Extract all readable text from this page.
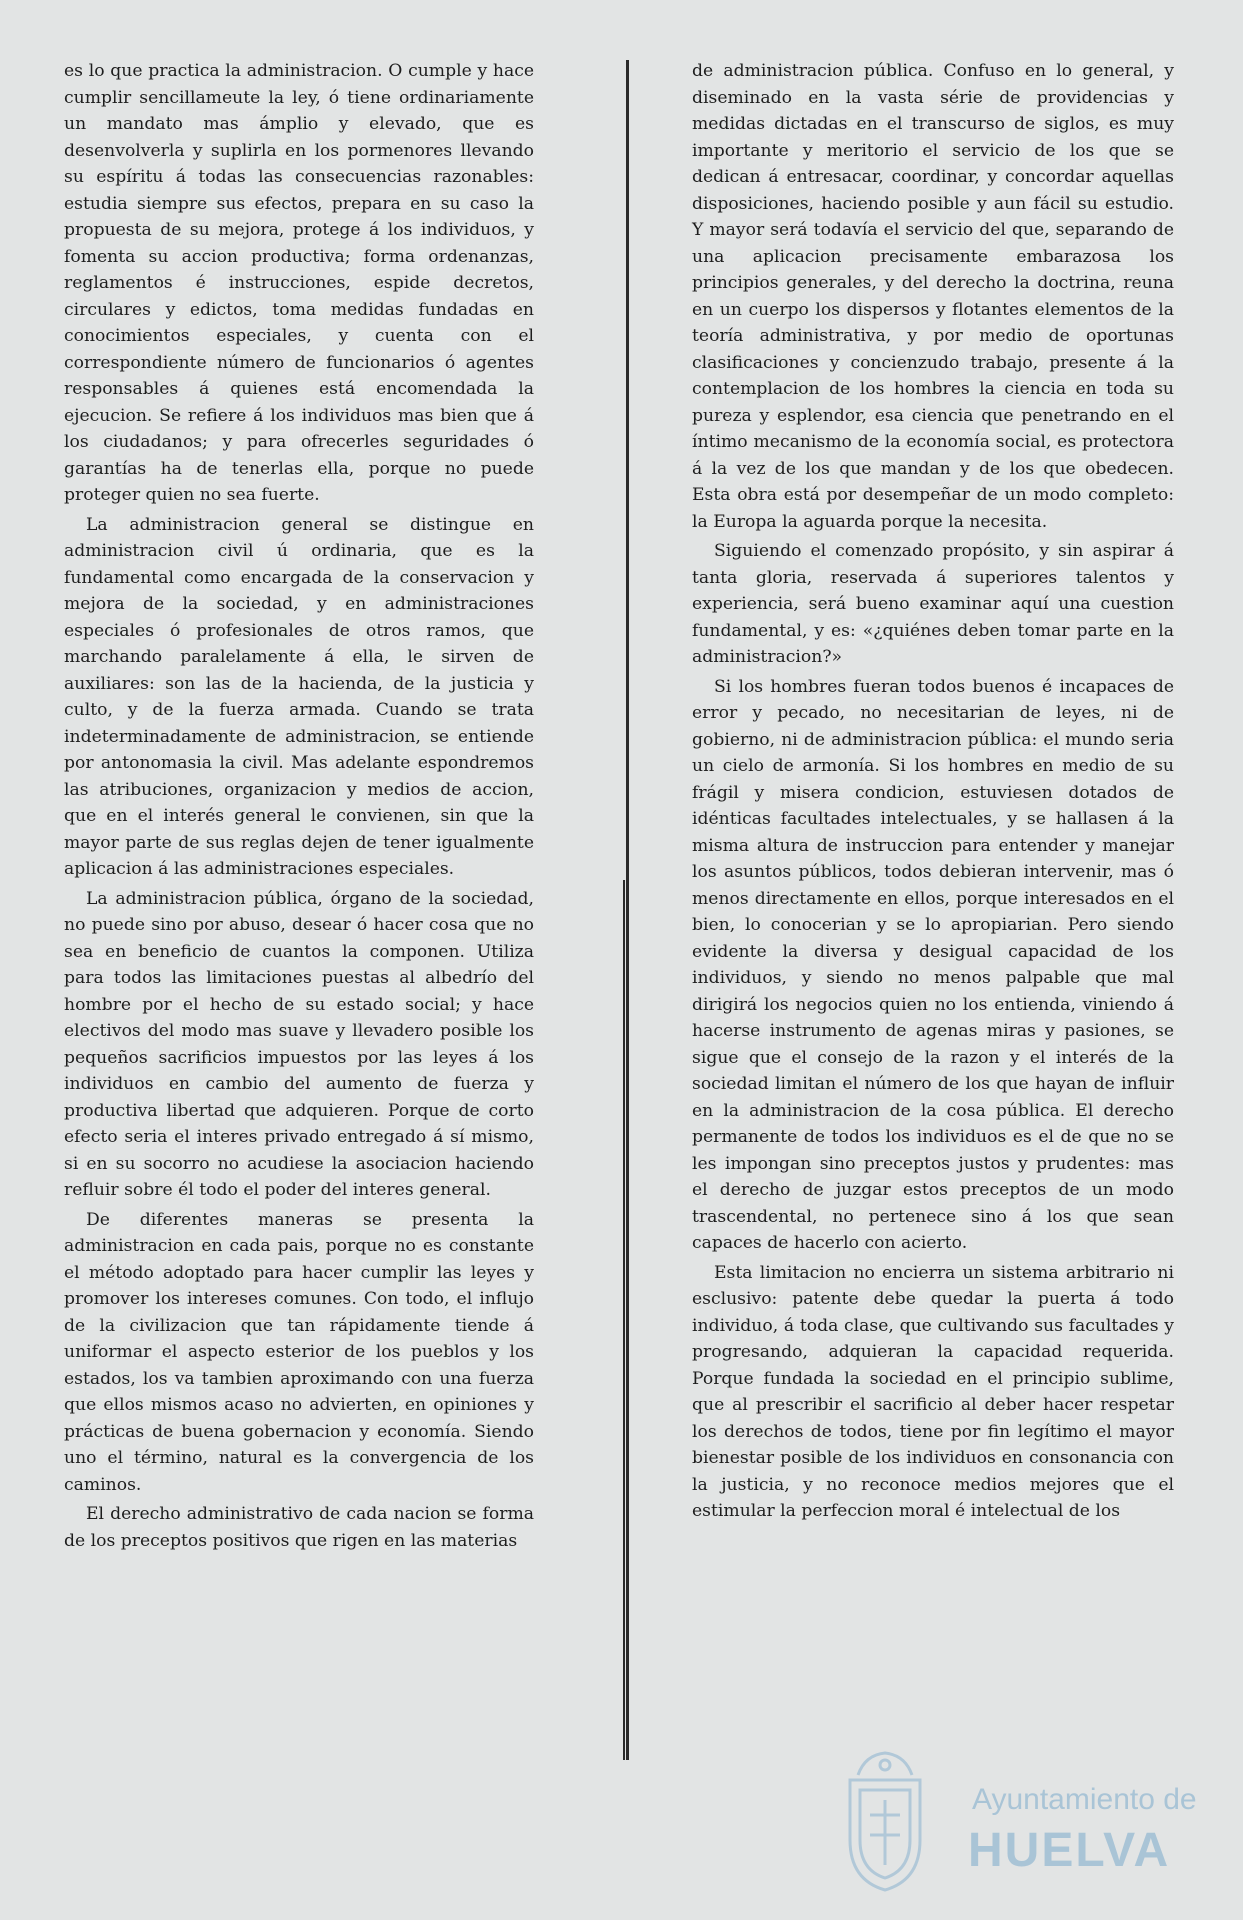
es lo que practica la administracion. O cumple y hace cumplir sencillameute la ley, ó tiene ordinariamente un mandato mas ámplio y elevado, que es desenvolverla y suplirla en los pormenores llevando su espíritu á todas las consecuencias razonables: estudia siempre sus efectos, prepara en su caso la propuesta de su mejora, protege á los individuos, y fomenta su accion productiva; forma ordenanzas, reglamentos é instrucciones, espide decretos, circulares y edictos, toma medidas fundadas en conocimientos especiales, y cuenta con el correspondiente número de funcionarios ó agentes responsables á quienes está encomendada la ejecucion. Se refiere á los individuos mas bien que á los ciudadanos; y para ofrecerles seguridades ó garantías ha de tenerlas ella, porque no puede proteger quien no sea fuerte.

La administracion general se distingue en administracion civil ú ordinaria, que es la fundamental como encargada de la conservacion y mejora de la sociedad, y en administraciones especiales ó profesionales de otros ramos, que marchando paralelamente á ella, le sirven de auxiliares: son las de la hacienda, de la justicia y culto, y de la fuerza armada. Cuando se trata indeterminadamente de administracion, se entiende por antonomasia la civil. Mas adelante espondremos las atribuciones, organizacion y medios de accion, que en el interés general le convienen, sin que la mayor parte de sus reglas dejen de tener igualmente aplicacion á las administraciones especiales.

La administracion pública, órgano de la sociedad, no puede sino por abuso, desear ó hacer cosa que no sea en beneficio de cuantos la componen. Utiliza para todos las limitaciones puestas al albedrío del hombre por el hecho de su estado social; y hace electivos del modo mas suave y llevadero posible los pequeños sacrificios impuestos por las leyes á los individuos en cambio del aumento de fuerza y productiva libertad que adquieren. Porque de corto efecto seria el interes privado entregado á sí mismo, si en su socorro no acudiese la asociacion haciendo refluir sobre él todo el poder del interes general.

De diferentes maneras se presenta la administracion en cada pais, porque no es constante el método adoptado para hacer cumplir las leyes y promover los intereses comunes. Con todo, el influjo de la civilizacion que tan rápidamente tiende á uniformar el aspecto esterior de los pueblos y los estados, los va tambien aproximando con una fuerza que ellos mismos acaso no advierten, en opiniones y prácticas de buena gobernacion y economía. Siendo uno el término, natural es la convergencia de los caminos.

El derecho administrativo de cada nacion se forma de los preceptos positivos que rigen en las materias

de administracion pública. Confuso en lo general, y diseminado en la vasta série de providencias y medidas dictadas en el transcurso de siglos, es muy importante y meritorio el servicio de los que se dedican á entresacar, coordinar, y concordar aquellas disposiciones, haciendo posible y aun fácil su estudio. Y mayor será todavía el servicio del que, separando de una aplicacion precisamente embarazosa los principios generales, y del derecho la doctrina, reuna en un cuerpo los dispersos y flotantes elementos de la teoría administrativa, y por medio de oportunas clasificaciones y concienzudo trabajo, presente á la contemplacion de los hombres la ciencia en toda su pureza y esplendor, esa ciencia que penetrando en el íntimo mecanismo de la economía social, es protectora á la vez de los que mandan y de los que obedecen. Esta obra está por desempeñar de un modo completo: la Europa la aguarda porque la necesita.

Siguiendo el comenzado propósito, y sin aspirar á tanta gloria, reservada á superiores talentos y experiencia, será bueno examinar aquí una cuestion fundamental, y es: «¿quiénes deben tomar parte en la administracion?»

Si los hombres fueran todos buenos é incapaces de error y pecado, no necesitarian de leyes, ni de gobierno, ni de administracion pública: el mundo seria un cielo de armonía. Si los hombres en medio de su frágil y misera condicion, estuviesen dotados de idénticas facultades intelectuales, y se hallasen á la misma altura de instruccion para entender y manejar los asuntos públicos, todos debieran intervenir, mas ó menos directamente en ellos, porque interesados en el bien, lo conocerian y se lo apropiarian. Pero siendo evidente la diversa y desigual capacidad de los individuos, y siendo no menos palpable que mal dirigirá los negocios quien no los entienda, viniendo á hacerse instrumento de agenas miras y pasiones, se sigue que el consejo de la razon y el interés de la sociedad limitan el número de los que hayan de influir en la administracion de la cosa pública. El derecho permanente de todos los individuos es el de que no se les impongan sino preceptos justos y prudentes: mas el derecho de juzgar estos preceptos de un modo trascendental, no pertenece sino á los que sean capaces de hacerlo con acierto.

Esta limitacion no encierra un sistema arbitrario ni esclusivo: patente debe quedar la puerta á todo individuo, á toda clase, que cultivando sus facultades y progresando, adquieran la capacidad requerida. Porque fundada la sociedad en el principio sublime, que al prescribir el sacrificio al deber hacer respetar los derechos de todos, tiene por fin legítimo el mayor bienestar posible de los individuos en consonancia con la justicia, y no reconoce medios mejores que el estimular la perfeccion moral é intelectual de los

Ayuntamiento de
HUELVA
